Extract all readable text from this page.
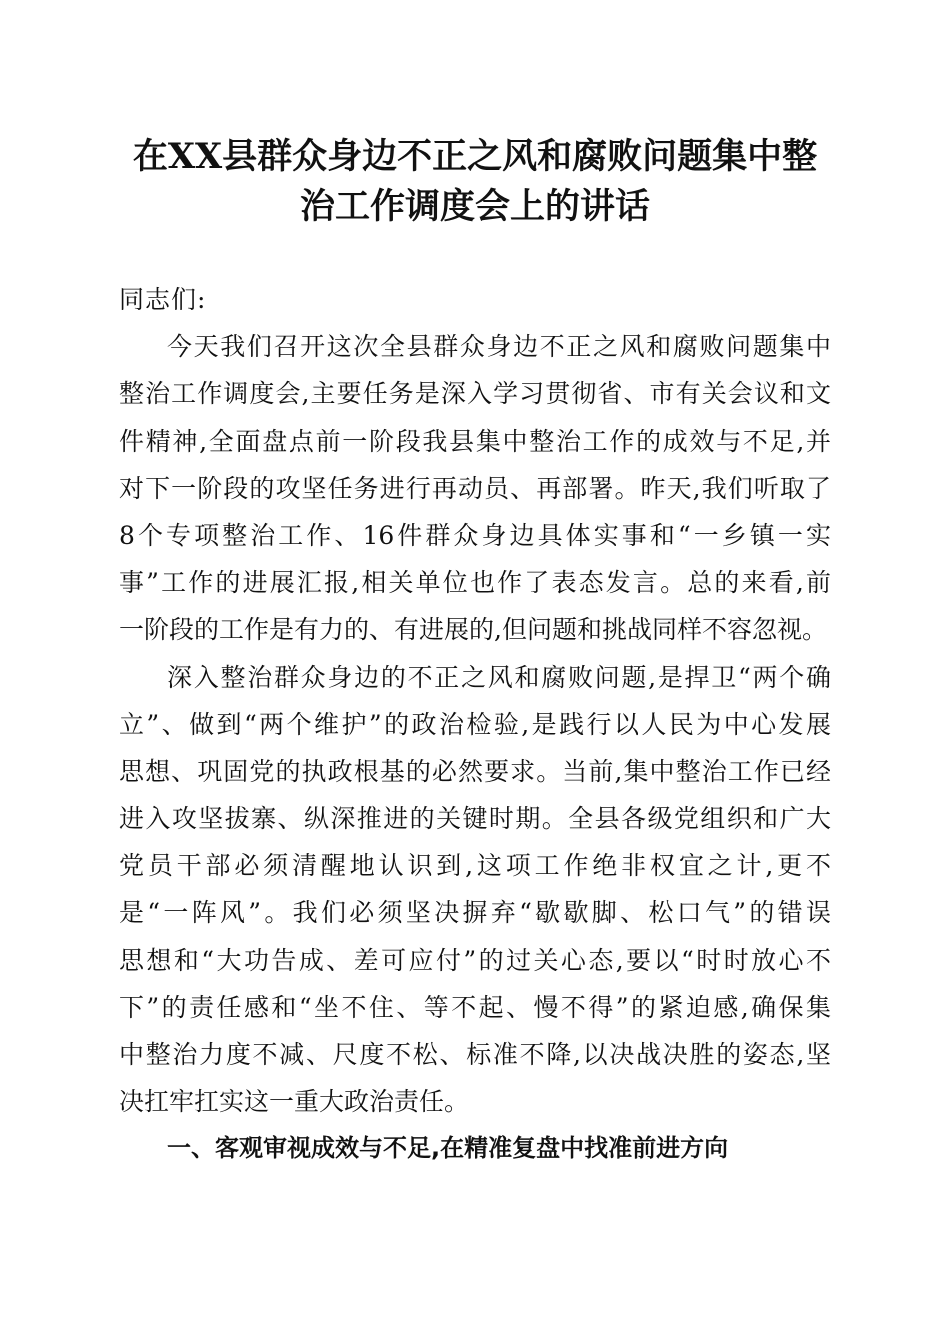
在XX县群众身边不正之风和腐败问题集中整
治工作调度会上的讲话

同志们:

今天我们召开这次全县群众身边不正之风和腐败问题集中
整治工作调度会,主要任务是深入学习贯彻省、市有关会议和文
件精神,全面盘点前一阶段我县集中整治工作的成效与不足,并
对下一阶段的攻坚任务进行再动员、再部署。昨天,我们听取了
8个专项整治工作、16件群众身边具体实事和“一乡镇一实
事”工作的进展汇报,相关单位也作了表态发言。总的来看,前
一阶段的工作是有力的、有进展的,但问题和挑战同样不容忽视。
深入整治群众身边的不正之风和腐败问题,是捍卫“两个确
立”、做到“两个维护”的政治检验,是践行以人民为中心发展
思想、巩固党的执政根基的必然要求。当前,集中整治工作已经
进入攻坚拔寨、纵深推进的关键时期。全县各级党组织和广大
党员干部必须清醒地认识到,这项工作绝非权宜之计,更不
是“一阵风”。我们必须坚决摒弃“歇歇脚、松口气”的错误
思想和“大功告成、差可应付”的过关心态,要以“时时放心不
下”的责任感和“坐不住、等不起、慢不得”的紧迫感,确保集
中整治力度不减、尺度不松、标准不降,以决战决胜的姿态,坚
决扛牢扛实这一重大政治责任。
一、客观审视成效与不足,在精准复盘中找准前进方向
